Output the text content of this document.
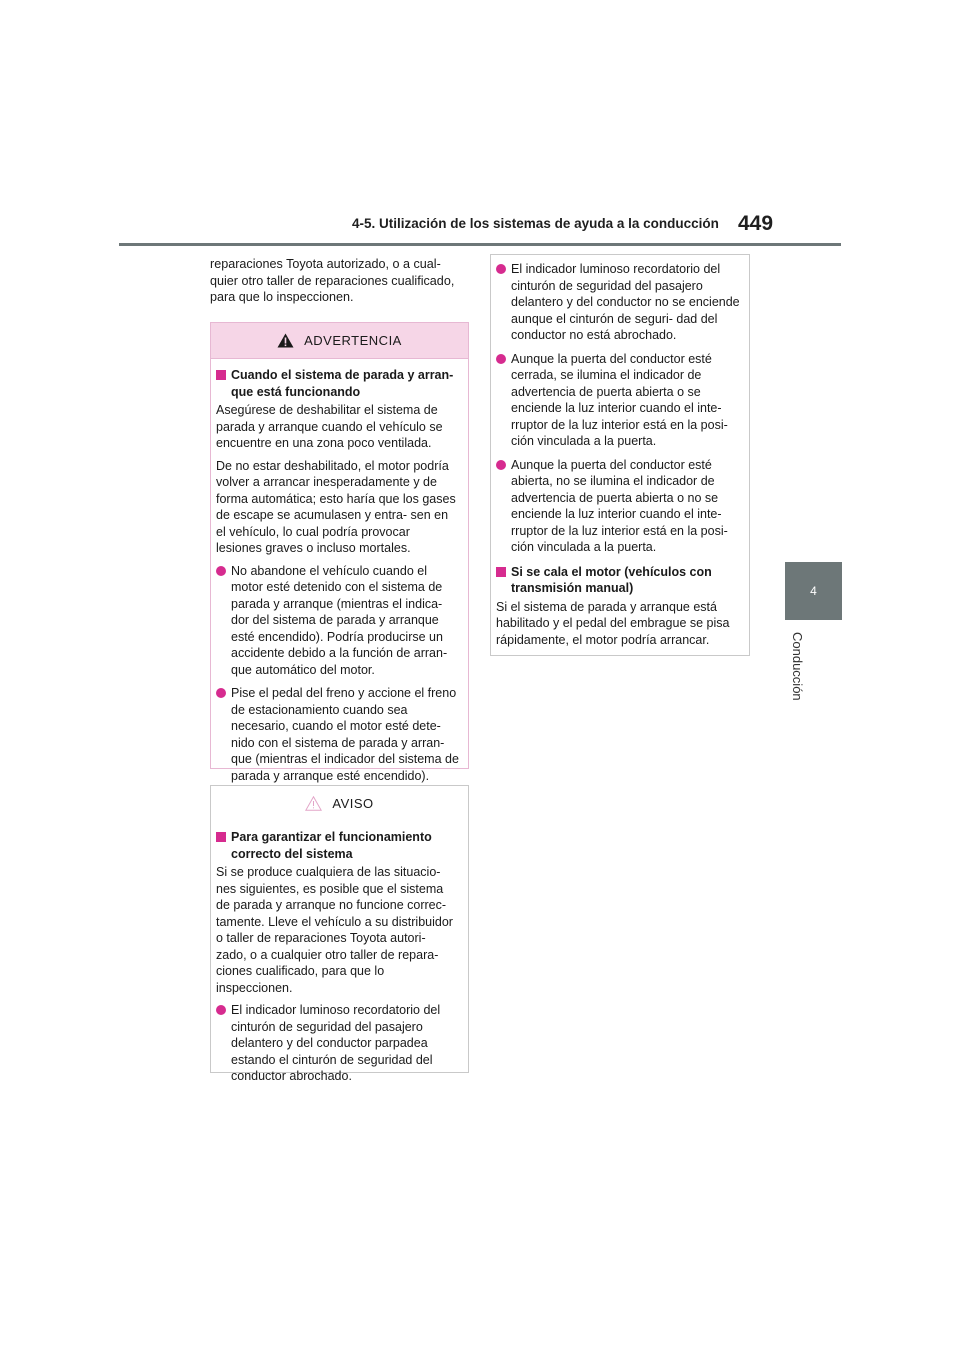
4-5. Utilización de los sistemas de ayuda a la conducción 449
4
Conducción

reparaciones Toyota autorizado, o a cual- quier otro taller de reparaciones cualificado, para que lo inspeccionen.

ADVERTENCIA
Cuando el sistema de parada y arran- que está funcionando

Asegúrese de deshabilitar el sistema de parada y arranque cuando el vehículo se encuentre en una zona poco ventilada.

De no estar deshabilitado, el motor podría volver a arrancar inesperadamente y de forma automática; esto haría que los gases de escape se acumulasen y entra- sen en el vehículo, lo cual podría provocar lesiones graves o incluso mortales.

No abandone el vehículo cuando el motor esté detenido con el sistema de parada y arranque (mientras el indica- dor del sistema de parada y arranque esté encendido). Podría producirse un accidente debido a la función de arran- que automático del motor.
Pise el pedal del freno y accione el freno de estacionamiento cuando sea necesario, cuando el motor esté dete- nido con el sistema de parada y arran- que (mientras el indicador del sistema de parada y arranque esté encendido).
AVISO
Para garantizar el funcionamiento correcto del sistema

Si se produce cualquiera de las situacio- nes siguientes, es posible que el sistema de parada y arranque no funcione correc- tamente. Lleve el vehículo a su distribuidor o taller de reparaciones Toyota autori- zado, o a cualquier otro taller de repara- ciones cualificado, para que lo inspeccionen.

El indicador luminoso recordatorio del cinturón de seguridad del pasajero delantero y del conductor parpadea estando el cinturón de seguridad del conductor abrochado.
El indicador luminoso recordatorio del cinturón de seguridad del pasajero delantero y del conductor no se enciende aunque el cinturón de seguri- dad del conductor no está abrochado.
Aunque la puerta del conductor esté cerrada, se ilumina el indicador de advertencia de puerta abierta o se enciende la luz interior cuando el inte- rruptor de la luz interior está en la posi- ción vinculada a la puerta.
Aunque la puerta del conductor esté abierta, no se ilumina el indicador de advertencia de puerta abierta o no se enciende la luz interior cuando el inte- rruptor de la luz interior está en la posi- ción vinculada a la puerta.
Si se cala el motor (vehículos con transmisión manual)

Si el sistema de parada y arranque está habilitado y el pedal del embrague se pisa rápidamente, el motor podría arrancar.
